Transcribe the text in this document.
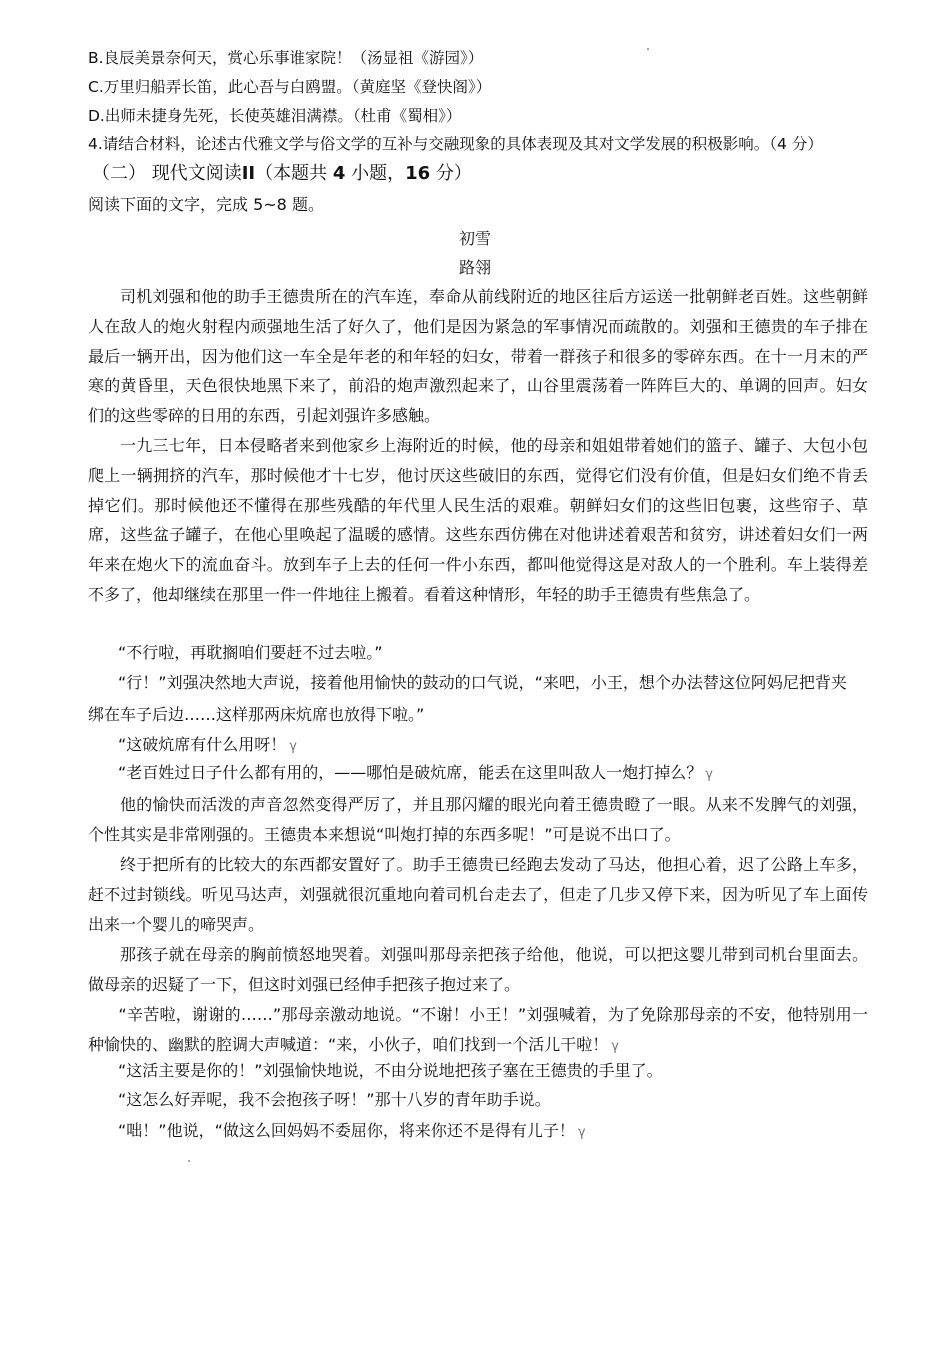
B.良辰美景奈何天，赏心乐事谁家院！（汤显祖《游园》）
C.万里归船弄长笛，此心吾与白鸥盟。（黄庭坚《登快阁》）
D.出师未捷身先死，长使英雄泪满襟。（杜甫《蜀相》）
4.请结合材料，论述古代雅文学与俗文学的互补与交融现象的具体表现及其对文学发展的积极影响。（4 分）
（二） 现代文阅读II（本题共 4 小题，16 分）
阅读下面的文字，完成 5~8 题。
初雪
路翎
司机刘强和他的助手王德贵所在的汽车连，奉命从前线附近的地区往后方运送一批朝鲜老百姓。这些朝鲜人在敌人的炮火射程内顽强地生活了好久了，他们是因为紧急的军事情况而疏散的。刘强和王德贵的车子排在最后一辆开出，因为他们这一车全是年老的和年轻的妇女，带着一群孩子和很多的零碎东西。在十一月末的严寒的黄昏里，天色很快地黑下来了，前沿的炮声激烈起来了，山谷里震荡着一阵阵巨大的、单调的回声。妇女们的这些零碎的日用的东西，引起刘强许多感触。
一九三七年，日本侵略者来到他家乡上海附近的时候，他的母亲和姐姐带着她们的篮子、罐子、大包小包爬上一辆拥挤的汽车，那时候他才十七岁，他讨厌这些破旧的东西，觉得它们没有价值，但是妇女们绝不肯丢掉它们。那时候他还不懂得在那些残酷的年代里人民生活的艰难。朝鲜妇女们的这些旧包裹，这些帘子、草席，这些盆子罐子，在他心里唤起了温暖的感情。这些东西仿佛在对他讲述着艰苦和贫穷，讲述着妇女们一两年来在炮火下的流血奋斗。放到车子上去的任何一件小东西，都叫他觉得这是对敌人的一个胜利。车上装得差不多了，他却继续在那里一件一件地往上搬着。看着这种情形，年轻的助手王德贵有些焦急了。
“不行啦，再耽搁咱们要赶不过去啦。”
“行！”刘强决然地大声说，接着他用愉快的鼓动的口气说，“来吧，小王，想个办法替这位阿妈尼把背夹
绑在车子后边……这样那两床炕席也放得下啦。”
“这破炕席有什么用呀！ γ
“老百姓过日子什么都有用的，——哪怕是破炕席，能丢在这里叫敌人一炮打掉么？ γ
他的愉快而活泼的声音忽然变得严厉了，并且那闪耀的眼光向着王德贵瞪了一眼。从来不发脾气的刘强，个性其实是非常刚强的。王德贵本来想说“叫炮打掉的东西多呢！”可是说不出口了。
终于把所有的比较大的东西都安置好了。助手王德贵已经跑去发动了马达，他担心着，迟了公路上车多，赶不过封锁线。听见马达声，刘强就很沉重地向着司机台走去了，但走了几步又停下来，因为听见了车上面传出来一个婴儿的啼哭声。
那孩子就在母亲的胸前愤怒地哭着。刘强叫那母亲把孩子给他，他说，可以把这婴儿带到司机台里面去。做母亲的迟疑了一下，但这时刘强已经伸手把孩子抱过来了。
“辛苦啦，谢谢的……”那母亲激动地说。“不谢！小王！”刘强喊着，为了免除那母亲的不安，他特别用一种愉快的、幽默的腔调大声喊道：“来，小伙子，咱们找到一个活儿干啦！ γ
“这活主要是你的！”刘强愉快地说，不由分说地把孩子塞在王德贵的手里了。
“这怎么好弄呢，我不会抱孩子呀！”那十八岁的青年助手说。
“咄！”他说，“做这么回妈妈不委屈你，将来你还不是得有儿子！ γ
